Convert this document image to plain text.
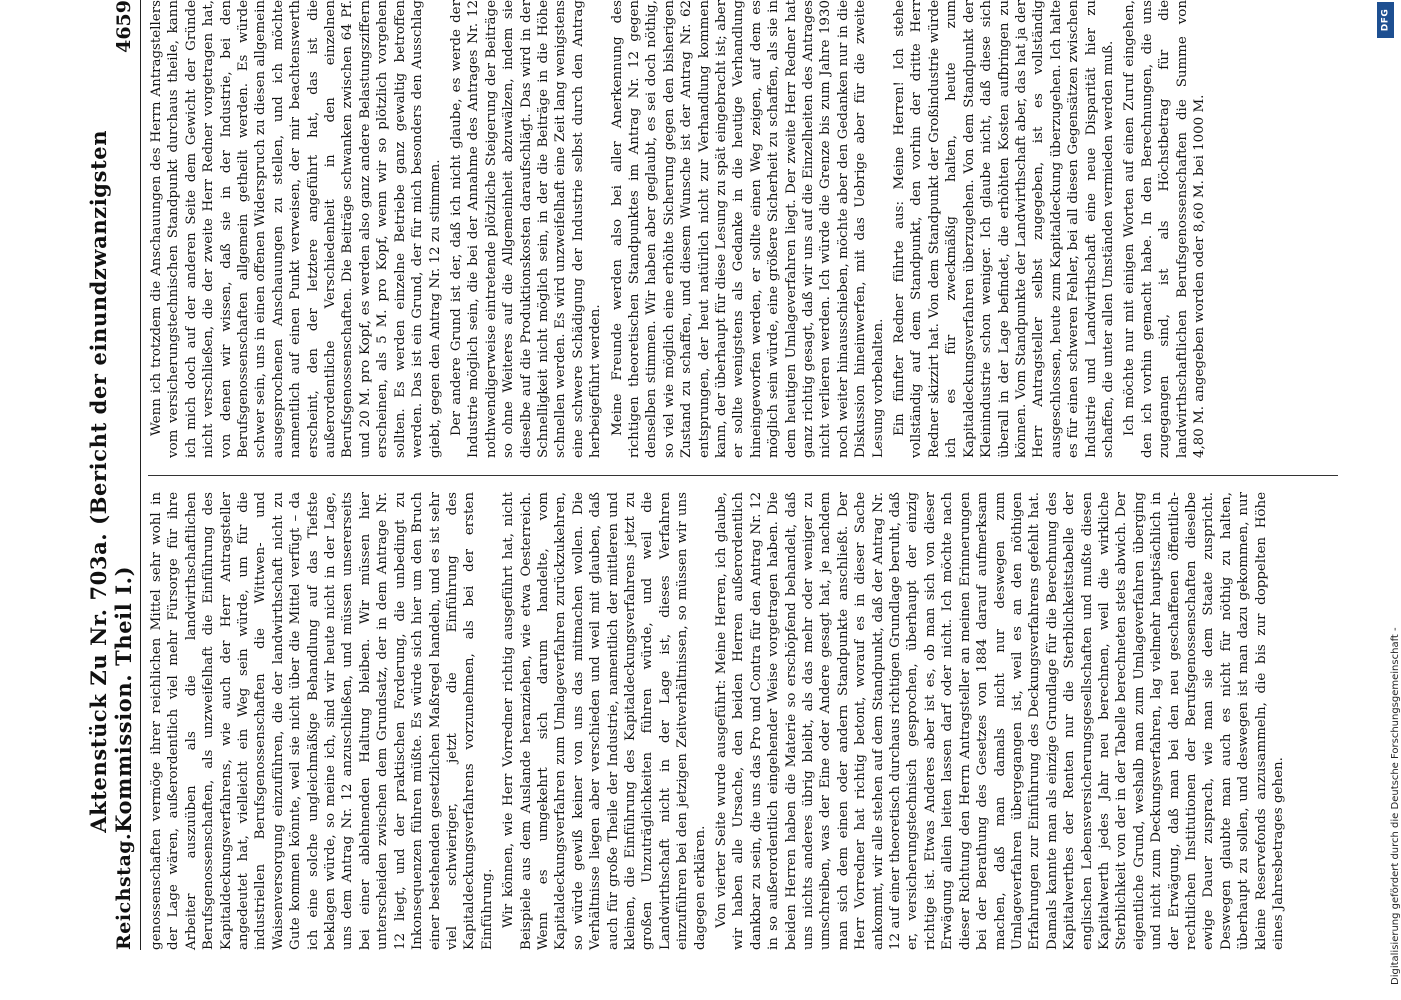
Reichstag.
Aktenstück Zu Nr. 703a. (Bericht der einundzwanzigsten Kommission. Theil I.)
4659

genossenschaften vermöge ihrer reichlichen Mittel sehr wohl in der Lage wären, außerordentlich viel mehr Fürsorge für ihre Arbeiter auszuüben als die landwirthschaftlichen Berufsgenossenschaften, als unzweifelhaft die Einführung des Kapitaldeckungsverfahrens, wie auch der Herr Antragsteller angedeutet hat, vielleicht ein Weg sein würde, um für die industriellen Berufsgenossenschaften die Wittwen- und Waisenversorgung einzuführen, die der landwirthschaft nicht zu Gute kommen könnte, weil sie nicht über die Mittel verfügt – da ich eine solche ungleichmäßige Behandlung auf das Tiefste beklagen würde, so meine ich, sind wir heute nicht in der Lage, uns dem Antrag Nr. 12 anzuschließen, und müssen unsererseits bei einer ablehnenden Haltung bleiben. Wir müssen hier unterscheiden zwischen dem Grundsatz, der in dem Antrage Nr. 12 liegt, und der praktischen Forderung, die unbedingt zu Inkonsequenzen führen müßte. Es würde sich hier um den Bruch einer bestehenden gesetzlichen Maßregel handeln, und es ist sehr viel schwieriger, jetzt die Einführung des Kapitaldeckungsverfahrens vorzunehmen, als bei der ersten Einführung. Wir können, wie Herr Vorredner richtig ausgeführt hat, nicht Beispiele aus dem Auslande heranziehen, wie etwa Oesterreich. Wenn es umgekehrt sich darum handelte, vom Kapitaldeckungsverfahren zum Umlageverfahren zurückzukehren, so würde gewiß keiner von uns das mitmachen wollen. Die Verhältnisse liegen aber verschieden und weil mit glauben, daß auch für große Theile der Industrie, namentlich der mittleren und kleinen, die Einführung des Kapitaldeckungsverfahrens jetzt zu großen Unzuträglichkeiten führen würde, und weil die Landwirthschaft nicht in der Lage ist, dieses Verfahren einzuführen bei den jetzigen Zeitverhältnissen, so müssen wir uns dagegen erklären. Von vierter Seite wurde ausgeführt: Meine Herren, ich glaube, wir haben alle Ursache, den beiden Herren außerordentlich dankbar zu sein, die uns das Pro und Contra für den Antrag Nr. 12 in so außerordentlich eingehender Weise vorgetragen haben. Die beiden Herren haben die Materie so erschöpfend behandelt, daß uns nichts anderes übrig bleibt, als das mehr oder weniger zu umschreiben, was der Eine oder Andere gesagt hat, je nachdem man sich dem einen oder andern Standpunkte anschließt. Der Herr Vorredner hat richtig betont, worauf es in dieser Sache ankommt, wir alle stehen auf dem Standpunkt, daß der Antrag Nr. 12 auf einer theoretisch durchaus richtigen Grundlage beruht, daß er, versicherungstechnisch gesprochen, überhaupt der einzig richtige ist. Etwas Anderes aber ist es, ob man sich von dieser Erwägung allein leiten lassen darf oder nicht. Ich möchte nach dieser Richtung den Herrn Antragsteller an meinen Erinnerungen bei der Berathung des Gesetzes von 1884 darauf aufmerksam machen, daß man damals nicht nur deswegen zum Umlageverfahren übergegangen ist, weil es an den nöthigen Erfahrungen zur Einführung des Deckungsverfahrens gefehlt hat. Damals kannte man als einzige Grundlage für die Berechnung des Kapitalwerthes der Renten nur die Sterblichkeitstabelle der englischen Lebensversicherungsgesellschaften und mußte diesen Kapitalwerth jedes Jahr neu berechnen, weil die wirkliche Sterblichkeit von der in der Tabelle berechneten stets abwich. Der eigentliche Grund, weshalb man zum Umlageverfahren überging und nicht zum Deckungsverfahren, lag vielmehr hauptsächlich in der Erwägung, daß man bei den neu geschaffenen öffentlich-rechtlichen Institutionen der Berufsgenossenschaften dieselbe ewige Dauer zusprach, wie man sie dem Staate zuspricht. Deswegen glaubte man auch es nicht für nöthig zu halten, überhaupt zu sollen, und deswegen ist man dazu gekommen, nur kleine Reservefonds anzusammeln, die bis zur doppelten Höhe eines Jahresbetrages gehen.

Wenn ich trotzdem die Anschauungen des Herrn Antragstellers vom versicherungstechnischen Standpunkt durchaus theile, kann ich mich doch auf der anderen Seite dem Gewicht der Gründe nicht verschließen, die der zweite Herr Redner vorgetragen hat, von denen wir wissen, daß sie in der Industrie, bei den Berufsgenossenschaften allgemein getheilt werden. Es würde schwer sein, uns in einen offenen Widerspruch zu diesen allgemein ausgesprochenen Anschauungen zu stellen, und ich möchte namentlich auf einen Punkt verweisen, der mir beachtenswerth erscheint, den der letztere angeführt hat, das ist die außerordentliche Verschiedenheit in den einzelnen Berufsgenossenschaften. Die Beiträge schwanken zwischen 64 Pf. und 20 M. pro Kopf, es werden also ganz andere Belastungsziffern erscheinen, als 5 M. pro Kopf, wenn wir so plötzlich vorgehen sollten. Es werden einzelne Betriebe ganz gewaltig betroffen werden. Das ist ein Grund, der für mich besonders den Ausschlag giebt, gegen den Antrag Nr. 12 zu stimmen. Der andere Grund ist der, daß ich nicht glaube, es werde der Industrie möglich sein, die bei der Annahme des Antrages Nr. 12 nothwendigerweise eintretende plötzliche Steigerung der Beiträge so ohne Weiteres auf die Allgemeinheit abzuwälzen, indem sie dieselbe auf die Produktionskosten daraufschlägt. Das wird in der Schnelligkeit nicht möglich sein, in der die Beiträge in die Höhe schnellen werden. Es wird unzweifelhaft eine Zeit lang wenigstens eine schwere Schädigung der Industrie selbst durch den Antrag herbeigeführt werden. Meine Freunde werden also bei aller Anerkennung des richtigen theoretischen Standpunktes im Antrag Nr. 12 gegen denselben stimmen. Wir haben aber geglaubt, es sei doch nöthig, so viel wie möglich eine erhöhte Sicherung gegen den bisherigen Zustand zu schaffen, und diesem Wunsche ist der Antrag Nr. 62 entsprungen, der heut natürlich nicht zur Verhandlung kommen kann, der überhaupt für diese Lesung zu spät eingebracht ist; aber er sollte wenigstens als Gedanke in die heutige Verhandlung hineingeworfen werden, er sollte einen Weg zeigen, auf dem es möglich sein würde, eine größere Sicherheit zu schaffen, als sie in dem heutigen Umlageverfahren liegt. Der zweite Herr Redner hat ganz richtig gesagt, daß wir uns auf die Einzelheiten des Antrages nicht verlieren werden. Ich würde die Grenze bis zum Jahre 1930 noch weiter hinausschieben, möchte aber den Gedanken nur in die Diskussion hineinwerfen, mit das Uebrige aber für die zweite Lesung vorbehalten. Ein fünfter Redner führte aus: Meine Herren! Ich stehe vollständig auf dem Standpunkt, den vorhin der dritte Herr Redner skizzirt hat. Von dem Standpunkt der Großindustrie würde ich es für zweckmäßig halten, heute zum Kapitaldeckungsverfahren überzugehen. Von dem Standpunkt der Kleinindustrie schon weniger. Ich glaube nicht, daß diese sich überall in der Lage befindet, die erhöhten Kosten aufbringen zu können. Vom Standpunkte der Landwirthschaft aber, das hat ja der Herr Antragsteller selbst zugegeben, ist es vollständig ausgeschlossen, heute zum Kapitaldeckung überzugehen. Ich halte es für einen schweren Fehler, bei all diesen Gegensätzen zwischen Industrie und Landwirthschaft eine neue Disparität hier zu schaffen, die unter allen Umständen vermieden werden muß. Ich möchte nur mit einigen Worten auf einen Zuruf eingehen, den ich vorhin gemacht habe. In den Berechnungen, die uns zugegangen sind, ist als Höchstbetrag für die landwirthschaftlichen Berufsgenossenschaften die Summe von 4,80 M. angegeben worden oder 8,60 M. bei 1000 M.

DFG
Digitalisierung gefördert durch die Deutsche Forschungsgemeinschaft -
